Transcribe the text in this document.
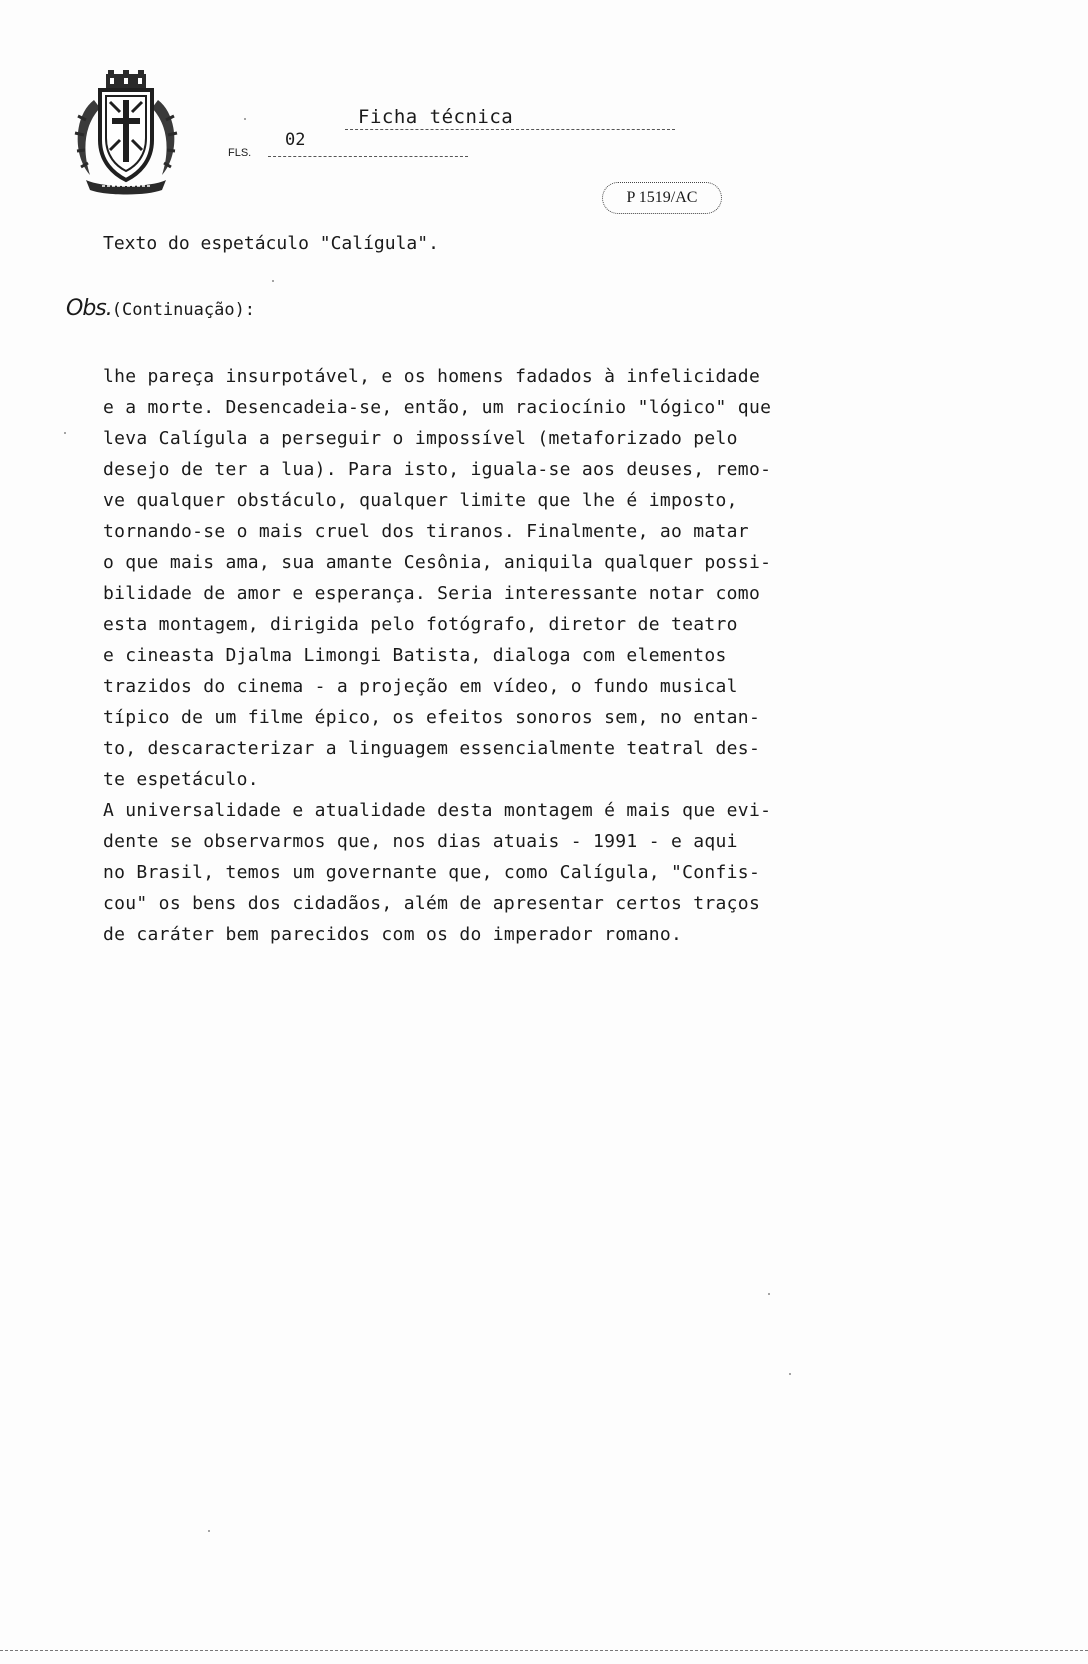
Ficha técnica
FLS.
02
P 1519/AC
Texto do espetáculo "Calígula".
Obs.(Continuação):
lhe pareça insurpotável, e os homens fadados à infelicidade
e a morte. Desencadeia-se, então, um raciocínio "lógico" que
leva Calígula a perseguir o impossível (metaforizado pelo
desejo de ter a lua). Para isto, iguala-se aos deuses, remo-
ve qualquer obstáculo, qualquer limite que lhe é imposto,
tornando-se o mais cruel dos tiranos. Finalmente, ao matar
o que mais ama, sua amante Cesônia, aniquila qualquer possi-
bilidade de amor e esperança. Seria interessante notar como
esta montagem, dirigida pelo fotógrafo, diretor de teatro
e cineasta Djalma Limongi Batista, dialoga com elementos
trazidos do cinema - a projeção em vídeo, o fundo musical
típico de um filme épico, os efeitos sonoros sem, no entan-
to, descaracterizar a linguagem essencialmente teatral des-
te espetáculo.
A universalidade e atualidade desta montagem é mais que evi-
dente se observarmos que, nos dias atuais - 1991 - e aqui
no Brasil, temos um governante que, como Calígula, "Confis-
cou" os bens dos cidadãos, além de apresentar certos traços
de caráter bem parecidos com os do imperador romano.
